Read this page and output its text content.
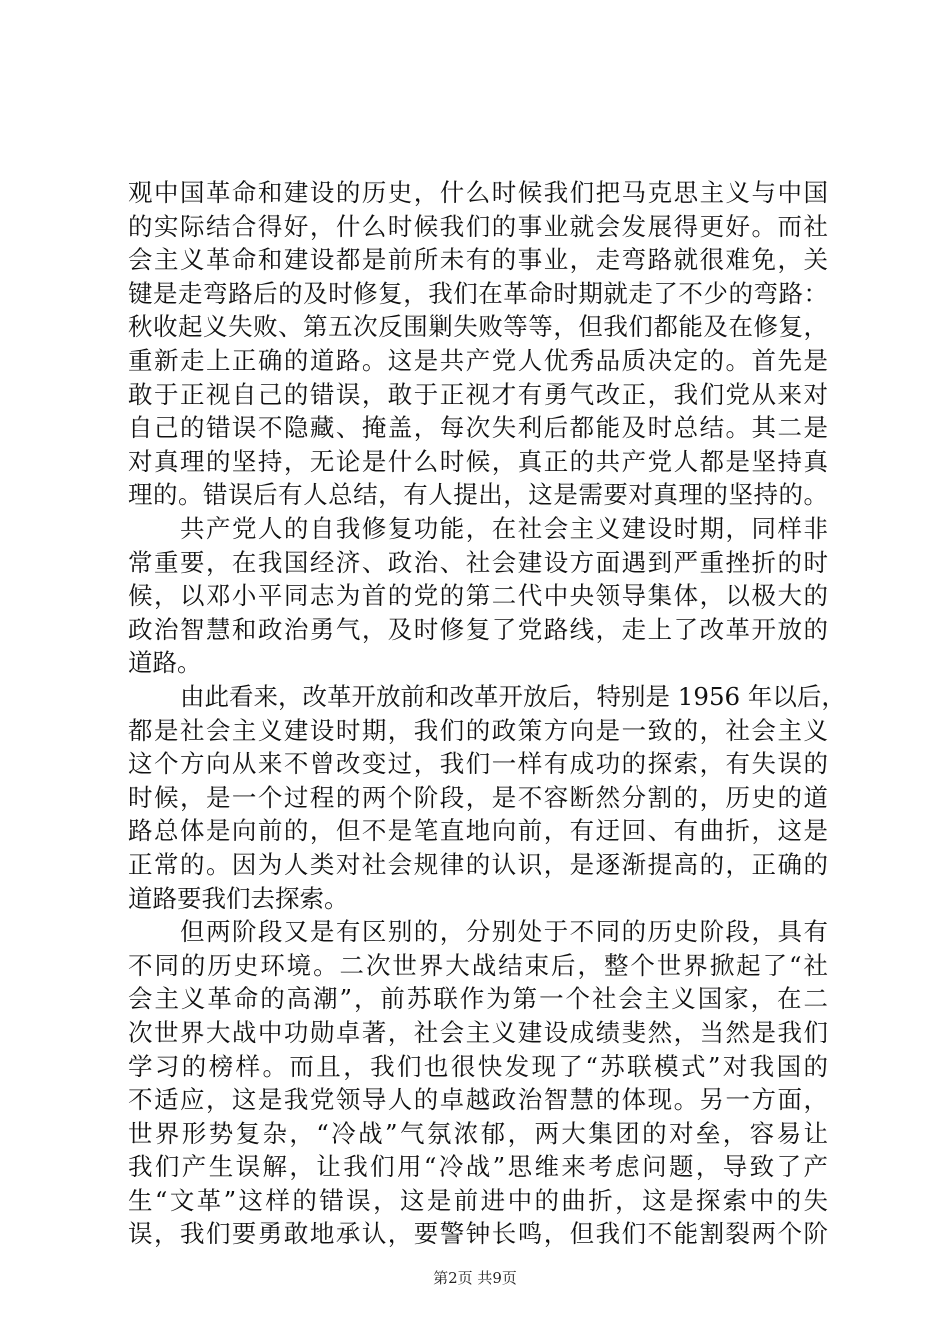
观中国革命和建设的历史，什么时候我们把马克思主义与中国
的实际结合得好，什么时候我们的事业就会发展得更好。而社
会主义革命和建设都是前所未有的事业，走弯路就很难免，关
键是走弯路后的及时修复，我们在革命时期就走了不少的弯路：
秋收起义失败、第五次反围剿失败等等，但我们都能及在修复，
重新走上正确的道路。这是共产党人优秀品质决定的。首先是
敢于正视自己的错误，敢于正视才有勇气改正，我们党从来对
自己的错误不隐藏、掩盖，每次失利后都能及时总结。其二是
对真理的坚持，无论是什么时候，真正的共产党人都是坚持真
理的。错误后有人总结，有人提出，这是需要对真理的坚持的。
共产党人的自我修复功能，在社会主义建设时期，同样非
常重要，在我国经济、政治、社会建设方面遇到严重挫折的时
候，以邓小平同志为首的党的第二代中央领导集体，以极大的
政治智慧和政治勇气，及时修复了党路线，走上了改革开放的
道路。
由此看来，改革开放前和改革开放后，特别是 1956 年以后，
都是社会主义建设时期，我们的政策方向是一致的，社会主义
这个方向从来不曾改变过，我们一样有成功的探索，有失误的
时候，是一个过程的两个阶段，是不容断然分割的，历史的道
路总体是向前的，但不是笔直地向前，有迂回、有曲折，这是
正常的。因为人类对社会规律的认识，是逐渐提高的，正确的
道路要我们去探索。
但两阶段又是有区别的，分别处于不同的历史阶段，具有
不同的历史环境。二次世界大战结束后，整个世界掀起了“社
会主义革命的高潮”，前苏联作为第一个社会主义国家，在二
次世界大战中功勋卓著，社会主义建设成绩斐然，当然是我们
学习的榜样。而且，我们也很快发现了“苏联模式”对我国的
不适应，这是我党领导人的卓越政治智慧的体现。另一方面，
世界形势复杂，“冷战”气氛浓郁，两大集团的对垒，容易让
我们产生误解，让我们用“冷战”思维来考虑问题，导致了产
生“文革”这样的错误，这是前进中的曲折，这是探索中的失
误，我们要勇敢地承认，要警钟长鸣，但我们不能割裂两个阶
第2页 共9页
